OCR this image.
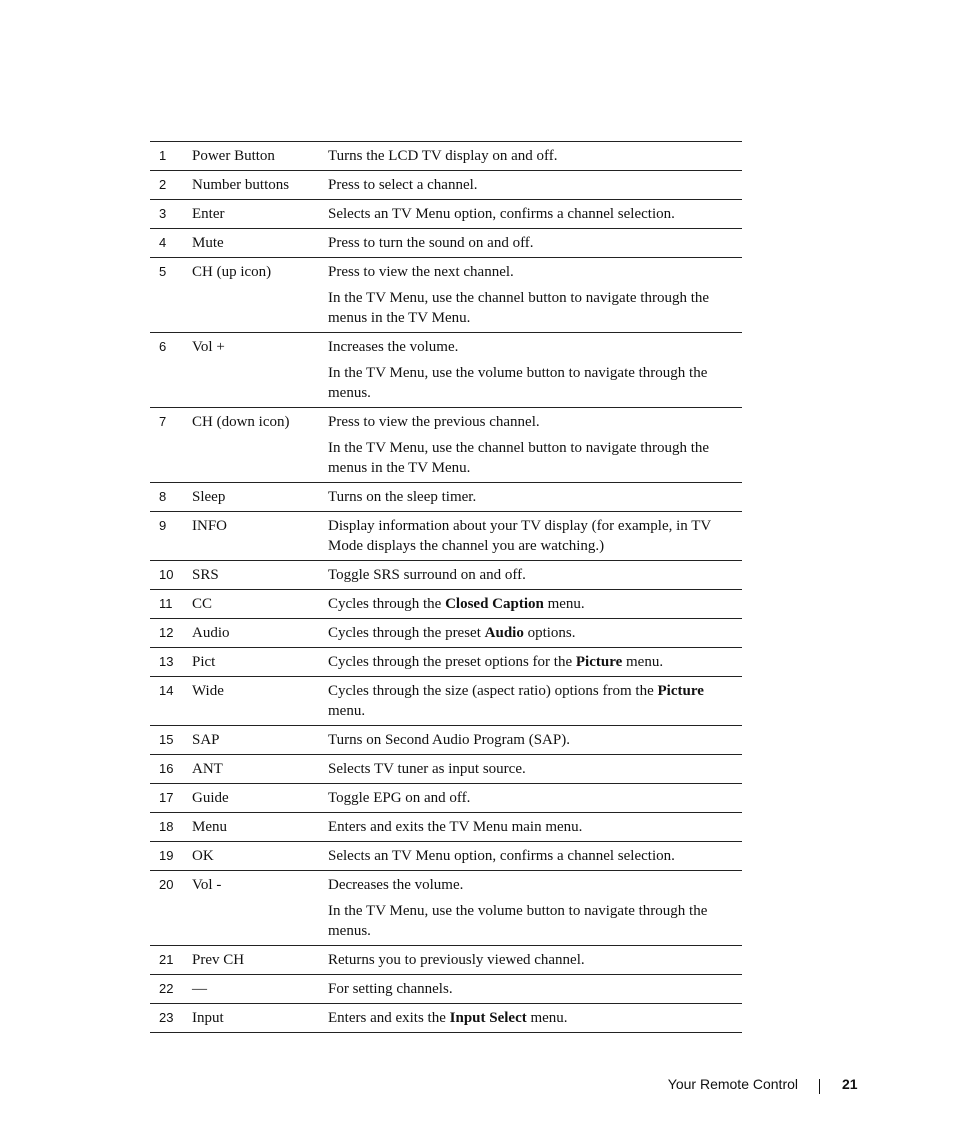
1	Power Button	Turns the LCD TV display on and off.

2	Number buttons	Press to select a channel.

3	Enter	Selects an TV Menu option, confirms a channel selection.

4	Mute	Press to turn the sound on and off.

5	CH (up icon)	Press to view the next channel.

In the TV Menu, use the channel button to navigate through the menus in the TV Menu.

6	Vol +	Increases the volume.

In the TV Menu, use the volume button to navigate through the menus.

7	CH (down icon)	Press to view the previous channel.

In the TV Menu, use the channel button to navigate through the menus in the TV Menu.

8	Sleep	Turns on the sleep timer.

9	INFO	Display information about your TV display (for example, in TV Mode displays the channel you are watching.)

10	SRS	Toggle SRS surround on and off.

11	CC	Cycles through the Closed Caption menu.

12	Audio	Cycles through the preset Audio options.

13	Pict	Cycles through the preset options for the Picture menu.

14	Wide	Cycles through the size (aspect ratio) options from the Picture menu.

15	SAP	Turns on Second Audio Program (SAP).

16	ANT	Selects TV tuner as input source.

17	Guide	Toggle EPG on and off.

18	Menu	Enters and exits the TV Menu main menu.

19	OK	Selects an TV Menu option, confirms a channel selection.

20	Vol -	Decreases the volume.

In the TV Menu, use the volume button to navigate through the menus.

21	Prev CH	Returns you to previously viewed channel.

22	—	For setting channels.

23	Input	Enters and exits the Input Select menu.

Your Remote Control	21
